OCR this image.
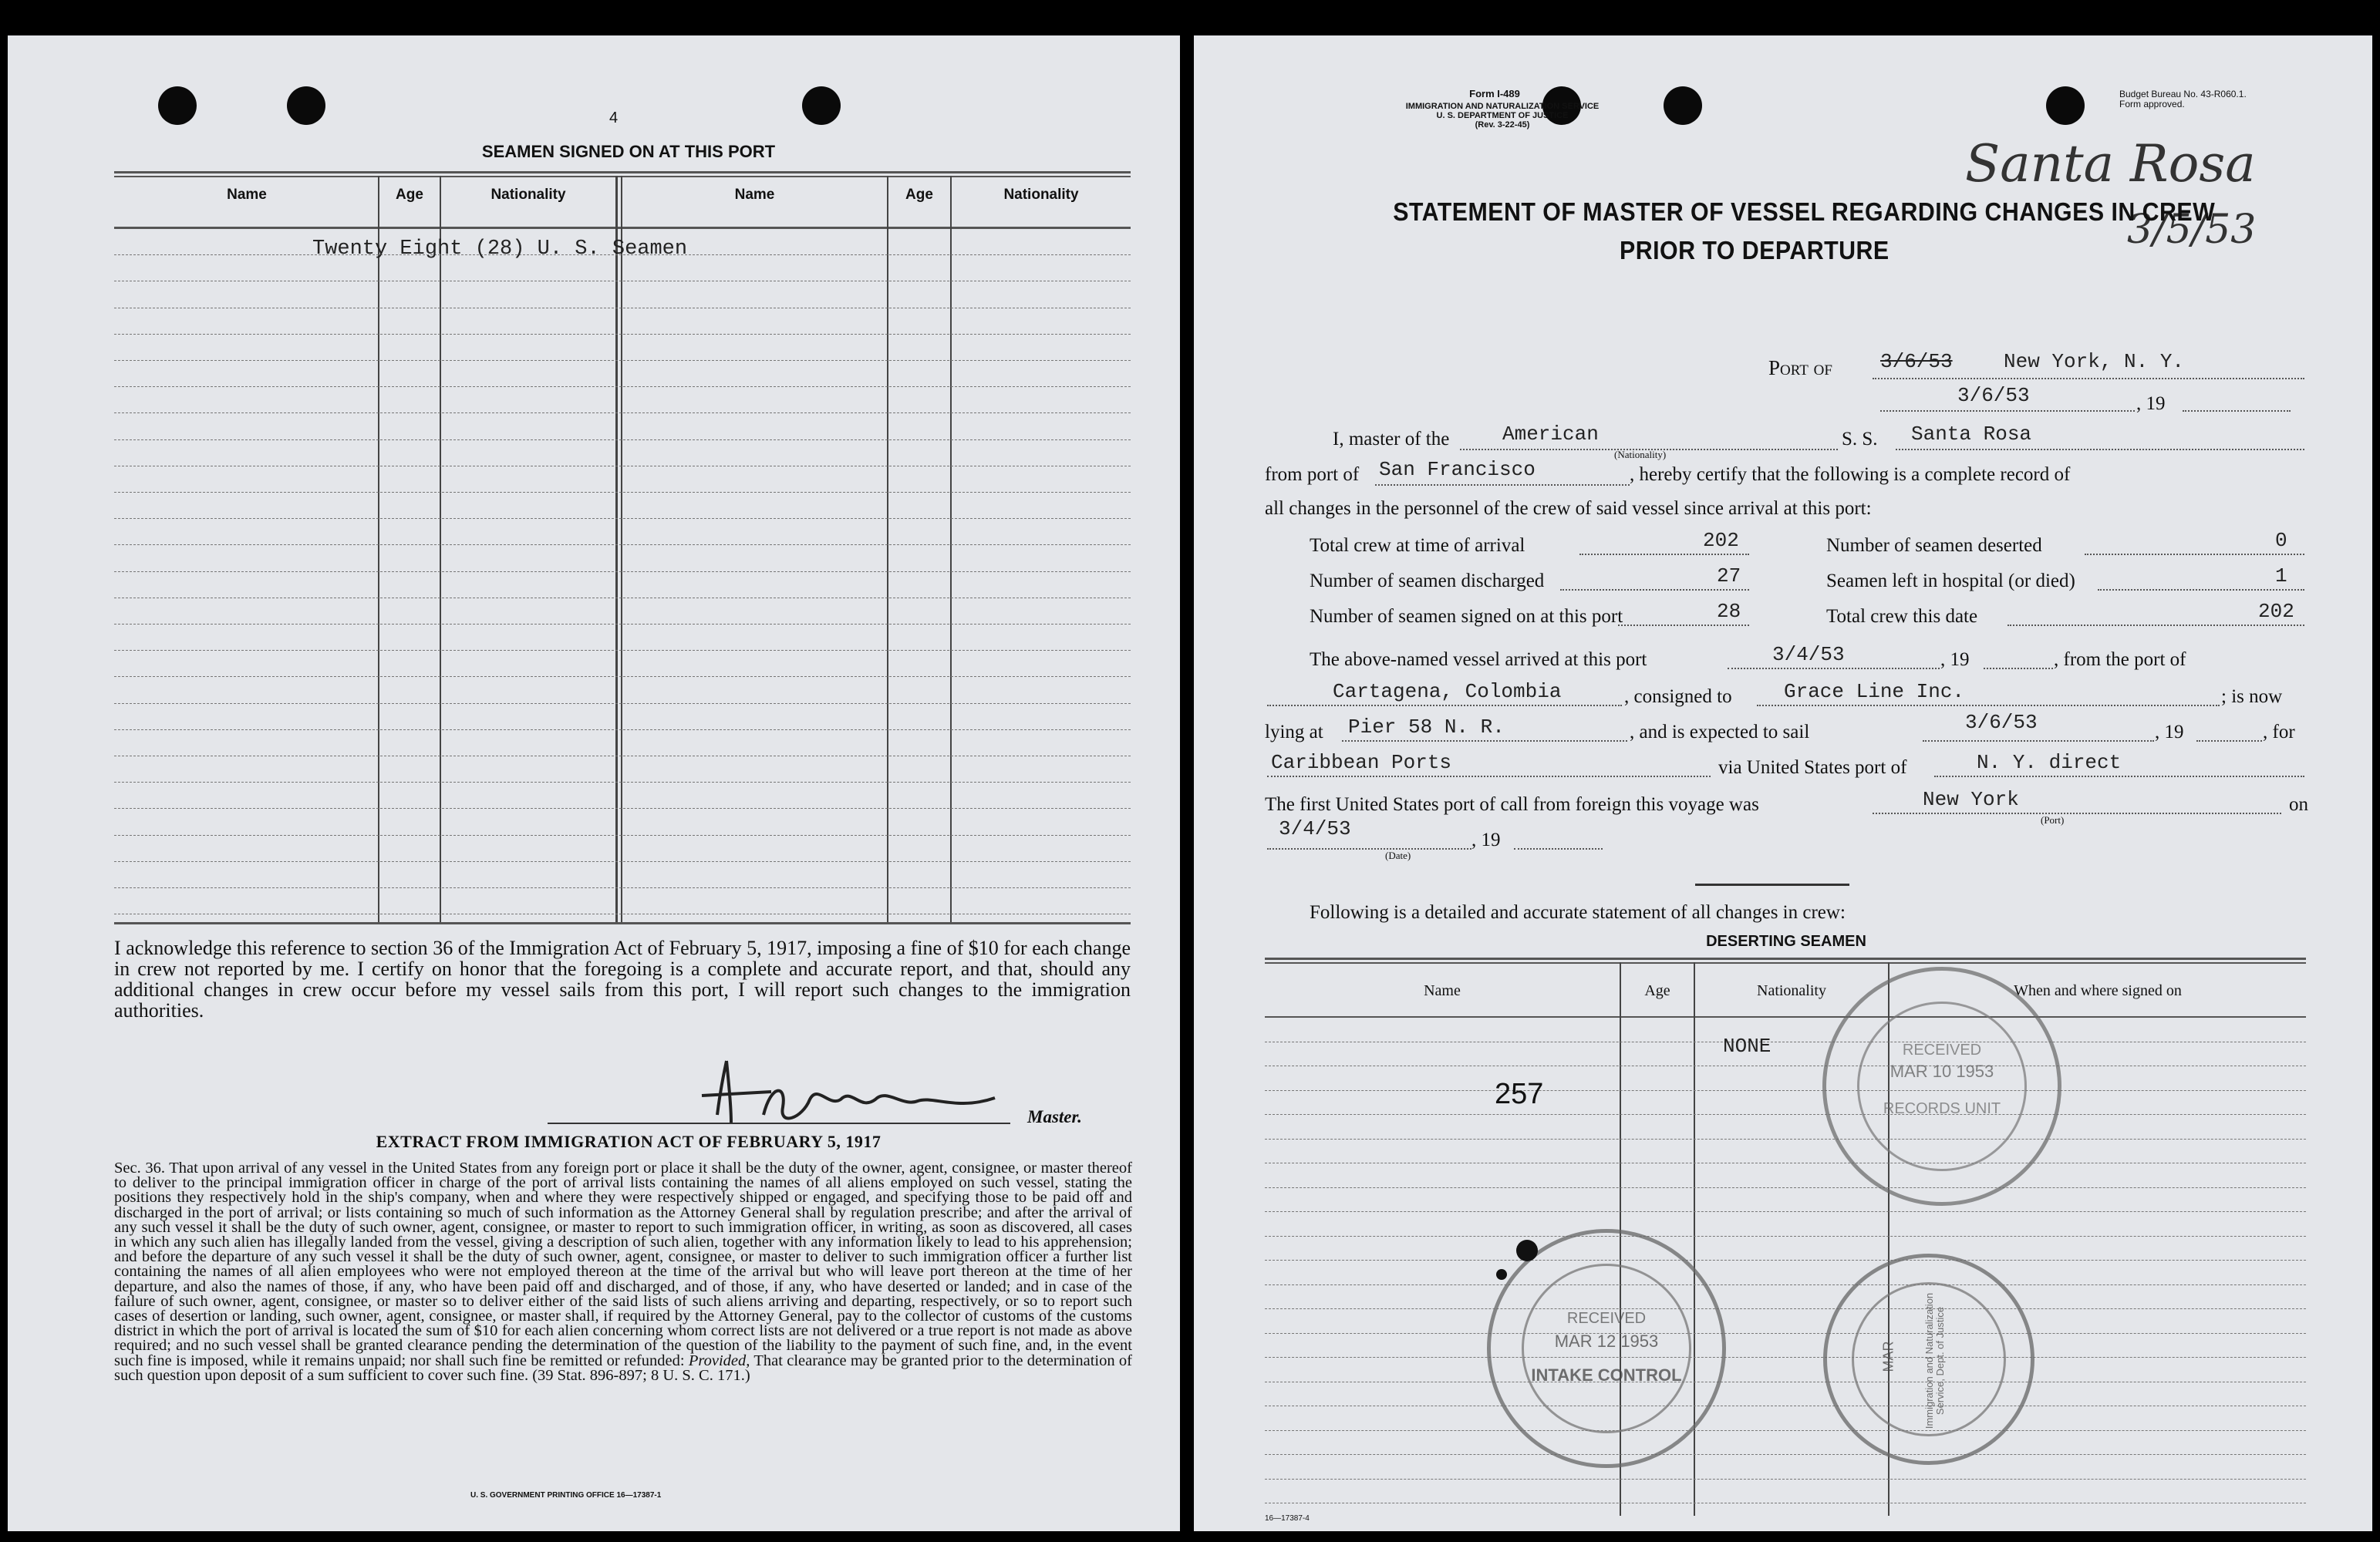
4
SEAMEN SIGNED ON AT THIS PORT
Name	Age	Nationality	Name	Age	Nationality
Twenty Eight (28) U. S. Seamen
I acknowledge this reference to section 36 of the Immigration Act of February 5, 1917, imposing a fine of $10 for each change in crew not reported by me. I certify on honor that the foregoing is a complete and accurate report, and that, should any additional changes in crew occur before my vessel sails from this port, I will report such changes to the immigration authorities.
Master.
EXTRACT FROM IMMIGRATION ACT OF FEBRUARY 5, 1917
Sec. 36. That upon arrival of any vessel in the United States from any foreign port or place it shall be the duty of the owner, agent, consignee, or master thereof to deliver to the principal immigration officer in charge of the port of arrival lists containing the names of all aliens employed on such vessel, stating the positions they respectively hold in the ship's company, when and where they were respectively shipped or engaged, and specifying those to be paid off and discharged in the port of arrival; or lists containing so much of such information as the Attorney General shall by regulation prescribe; and after the arrival of any such vessel it shall be the duty of such owner, agent, consignee, or master to report to such immigration officer, in writing, as soon as discovered, all cases in which any such alien has illegally landed from the vessel, giving a description of such alien, together with any information likely to lead to his apprehension; and before the departure of any such vessel it shall be the duty of such owner, agent, consignee, or master to deliver to such immigration officer a further list containing the names of all alien employees who were not employed thereon at the time of the arrival but who will leave port thereon at the time of her departure, and also the names of those, if any, who have been paid off and discharged, and of those, if any, who have deserted or landed; and in case of the failure of such owner, agent, consignee, or master so to deliver either of the said lists of such aliens arriving and departing, respectively, or so to report such cases of desertion or landing, such owner, agent, consignee, or master shall, if required by the Attorney General, pay to the collector of customs of the customs district in which the port of arrival is located the sum of $10 for each alien concerning whom correct lists are not delivered or a true report is not made as above required; and no such vessel shall be granted clearance pending the determination of the question of the liability to the payment of such fine, and, in the event such fine is imposed, while it remains unpaid; nor shall such fine be remitted or refunded: Provided, That clearance may be granted prior to the determination of such question upon deposit of a sum sufficient to cover such fine. (39 Stat. 896-897; 8 U. S. C. 171.)
U. S. GOVERNMENT PRINTING OFFICE 16—17387-1
Form I-489
IMMIGRATION AND NATURALIZATION SERVICE
U. S. DEPARTMENT OF JUSTICE
(Rev. 3-22-45)
Budget Bureau No. 43-R060.1.
Form approved.
Santa Rosa
3/5/53
STATEMENT OF MASTER OF VESSEL REGARDING CHANGES IN CREW
PRIOR TO DEPARTURE
Port of 3/6/53	New York, N. Y.
3/6/53	, 19
I, master of the	American
(Nationality)
S. S. Santa Rosa
from port of San Francisco	, hereby certify that the following is a complete record of
all changes in the personnel of the crew of said vessel since arrival at this port:
Total crew at time of arrival	202	Number of seamen deserted	0
Number of seamen discharged	27	Seamen left in hospital (or died)	1
Number of seamen signed on at this port	28	Total crew this date	202
The above-named vessel arrived at this port	3/4/53	, 19	, from the port of
Cartagena, Colombia	, consigned to	Grace Line Inc.	; is now
lying at Pier 58 N. R.	, and is expected to sail	3/6/53	, 19	, for
Caribbean Ports	via United States port of	N. Y. direct
The first United States port of call from foreign this voyage was	New York
(Port)
on
3/4/53
(Date)
, 19
Following is a detailed and accurate statement of all changes in crew:
DESERTING SEAMEN
Name	Age	Nationality	When and where signed on
NONE
257
RECEIVED
MAR 10 1953
RECORDS UNIT
RECEIVED
MAR 12 1953
INTAKE CONTROL
MAR	Immigration and Naturalization Service, Dept. of Justice
16—17387-4
